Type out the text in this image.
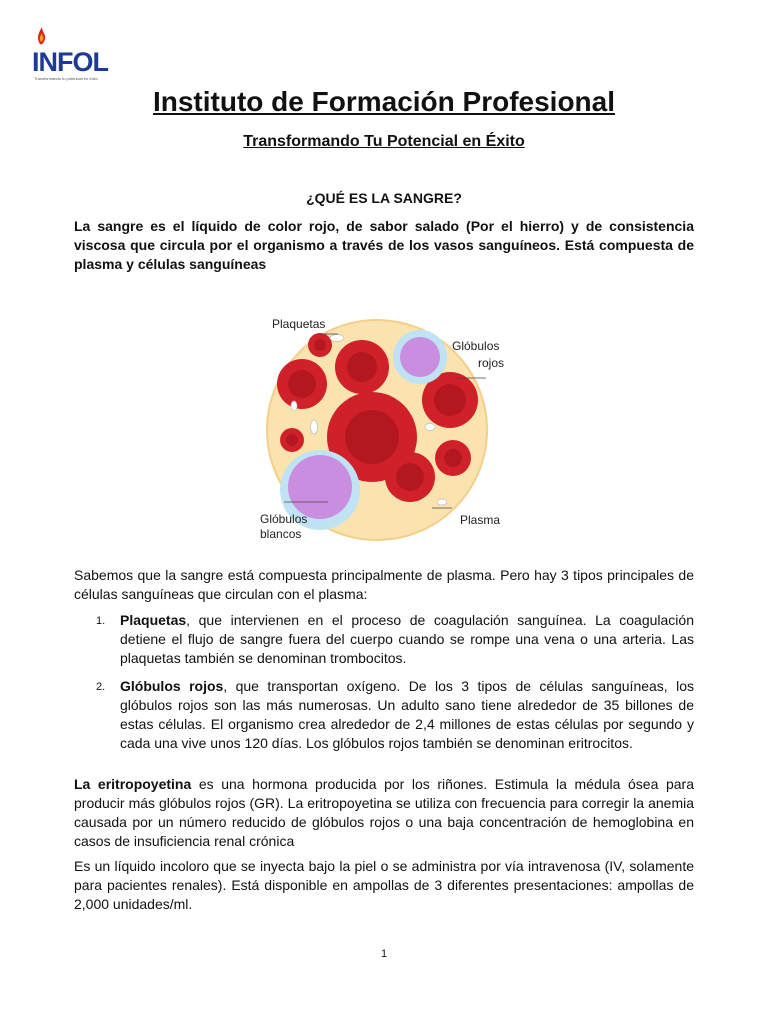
INFOL
Transformando tu potencial en éxito
Instituto de Formación Profesional
Transformando Tu Potencial en Éxito
¿QUÉ ES LA SANGRE?

La sangre es el líquido de color rojo, de sabor salado (Por el hierro) y de consistencia viscosa que circula por el organismo a través de los vasos sanguíneos. Está compuesta de plasma y células sanguíneas

Plaquetas
Glóbulos
rojos
Glóbulos
blancos
Plasma

Sabemos que la sangre está compuesta principalmente de plasma. Pero hay 3 tipos principales de células sanguíneas que circulan con el plasma:

1. Plaquetas, que intervienen en el proceso de coagulación sanguínea. La coagulación detiene el flujo de sangre fuera del cuerpo cuando se rompe una vena o una arteria. Las plaquetas también se denominan trombocitos.
2. Glóbulos rojos, que transportan oxígeno. De los 3 tipos de células sanguíneas, los glóbulos rojos son las más numerosas. Un adulto sano tiene alrededor de 35 billones de estas células. El organismo crea alrededor de 2,4 millones de estas células por segundo y cada una vive unos 120 días. Los glóbulos rojos también se denominan eritrocitos.

La eritropoyetina es una hormona producida por los riñones. Estimula la médula ósea para producir más glóbulos rojos (GR). La eritropoyetina se utiliza con frecuencia para corregir la anemia causada por un número reducido de glóbulos rojos o una baja concentración de hemoglobina en casos de insuficiencia renal crónica

Es un líquido incoloro que se inyecta bajo la piel o se administra por vía intravenosa (IV, solamente para pacientes renales). Está disponible en ampollas de 3 diferentes presentaciones: ampollas de 2,000 unidades/ml.

1
